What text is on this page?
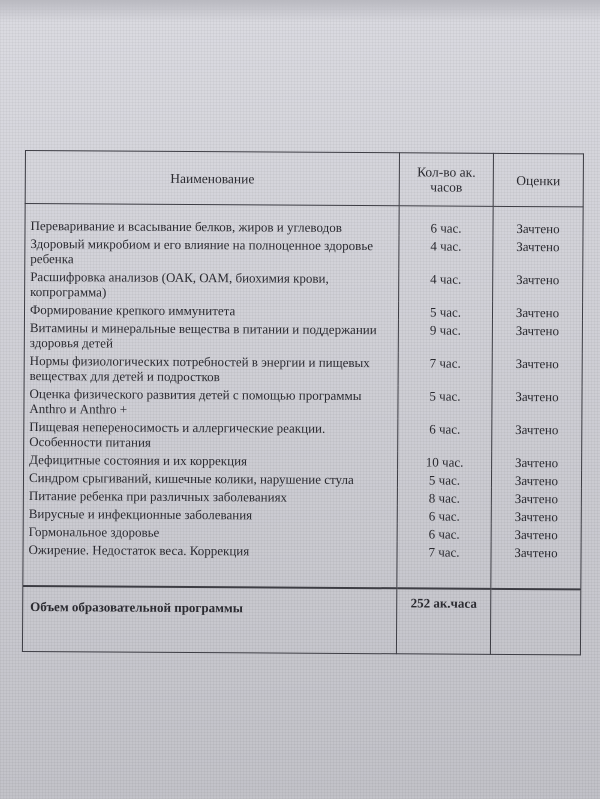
Наименование	Кол-во ак. часов	Оценки
Переваривание и всасывание белков, жиров и углеводов	6 час.	Зачтено
Здоровый микробиом и его влияние на полноценное здоровье ребенка	4 час.	Зачтено
Расшифровка анализов (ОАК, ОАМ, биохимия крови, копрограмма)	4 час.	Зачтено
Формирование крепкого иммунитета	5 час.	Зачтено
Витамины и минеральные вещества в питании и поддержании здоровья детей	9 час.	Зачтено
Нормы физиологических потребностей в энергии и пищевых веществах для детей и подростков	7 час.	Зачтено
Оценка физического развития детей с помощью программы Anthro и Anthro +	5 час.	Зачтено
Пищевая непереносимость и аллергические реакции. Особенности питания	6 час.	Зачтено
Дефицитные состояния и их коррекция	10 час.	Зачтено
Синдром срыгиваний, кишечные колики, нарушение стула	5 час.	Зачтено
Питание ребенка при различных заболеваниях	8 час.	Зачтено
Вирусные и инфекционные заболевания	6 час.	Зачтено
Гормональное здоровье	6 час.	Зачтено
Ожирение. Недостаток веса. Коррекция	7 час.	Зачтено
Объем образовательной программы	252 ак.часа	
